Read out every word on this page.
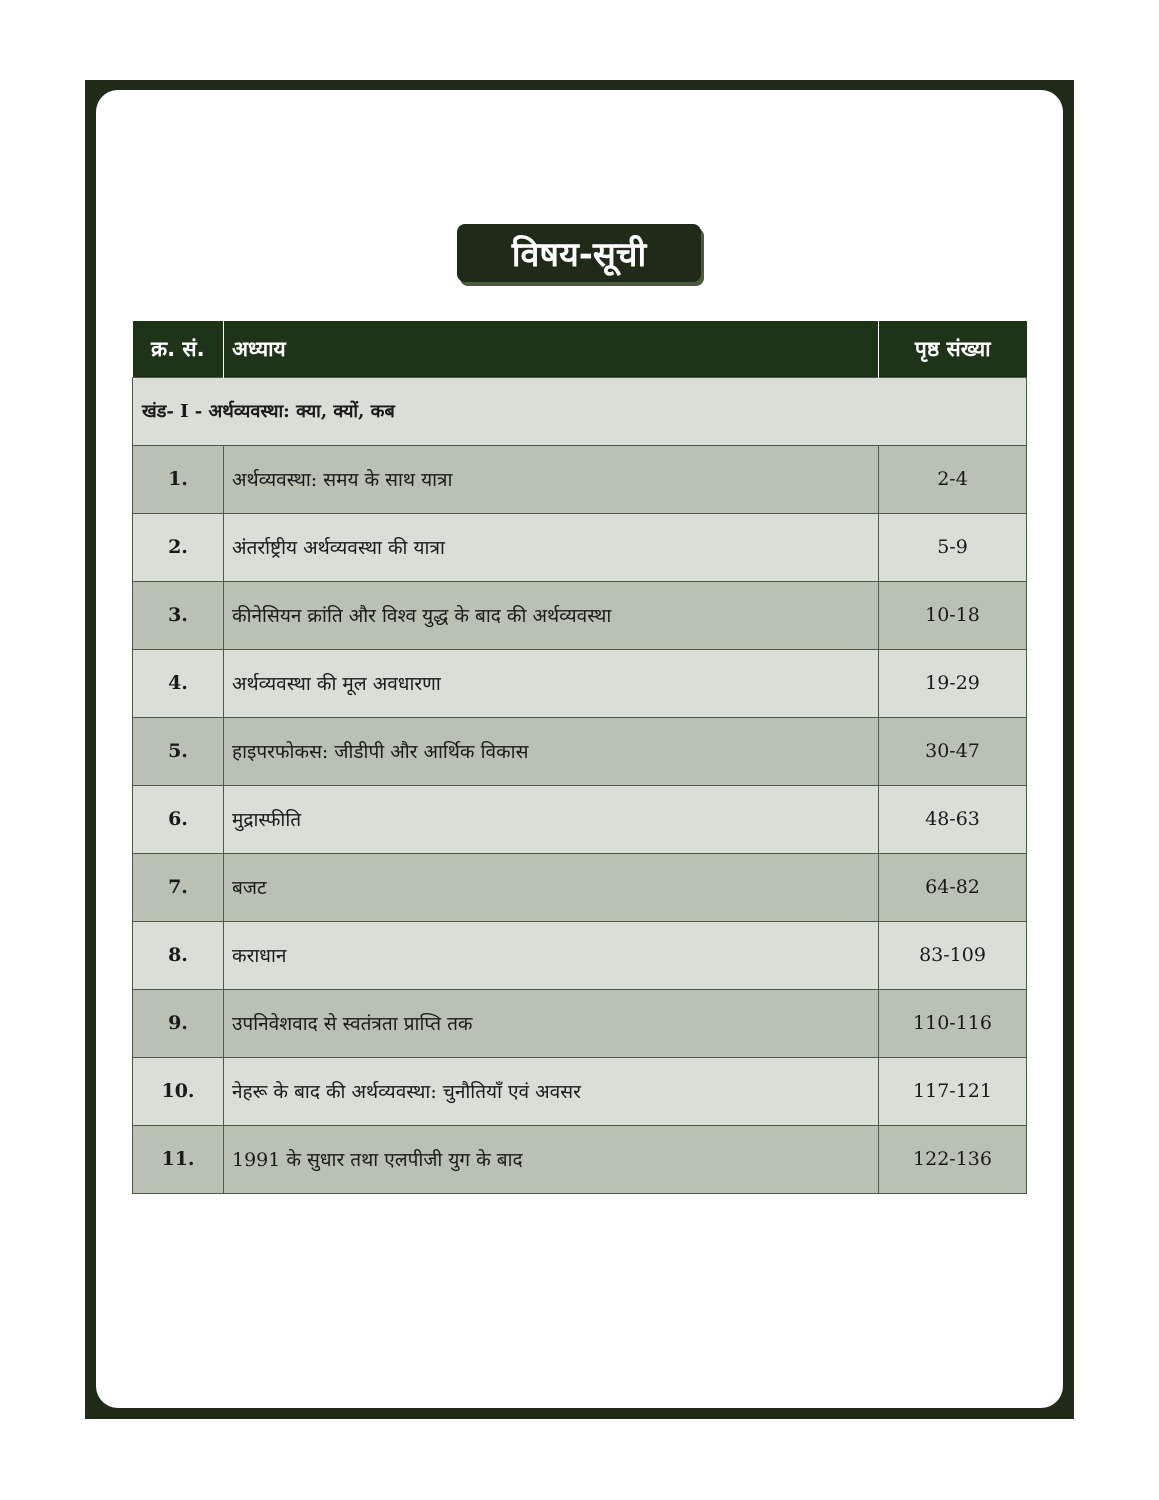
विषय-सूची
क्र. सं.	अध्याय	पृष्ठ संख्या
खंड- I - अर्थव्यवस्था: क्या, क्यों, कब		
1.	अर्थव्यवस्था: समय के साथ यात्रा	2-4
2.	अंतर्राष्ट्रीय अर्थव्यवस्था की यात्रा	5-9
3.	कीनेसियन क्रांति और विश्व युद्ध के बाद की अर्थव्यवस्था	10-18
4.	अर्थव्यवस्था की मूल अवधारणा	19-29
5.	हाइपरफोकस: जीडीपी और आर्थिक विकास	30-47
6.	मुद्रास्फीति	48-63
7.	बजट	64-82
8.	कराधान	83-109
9.	उपनिवेशवाद से स्वतंत्रता प्राप्ति तक	110-116
10.	नेहरू के बाद की अर्थव्यवस्था: चुनौतियाँ एवं अवसर	117-121
11.	1991 के सुधार तथा एलपीजी युग के बाद	122-136
